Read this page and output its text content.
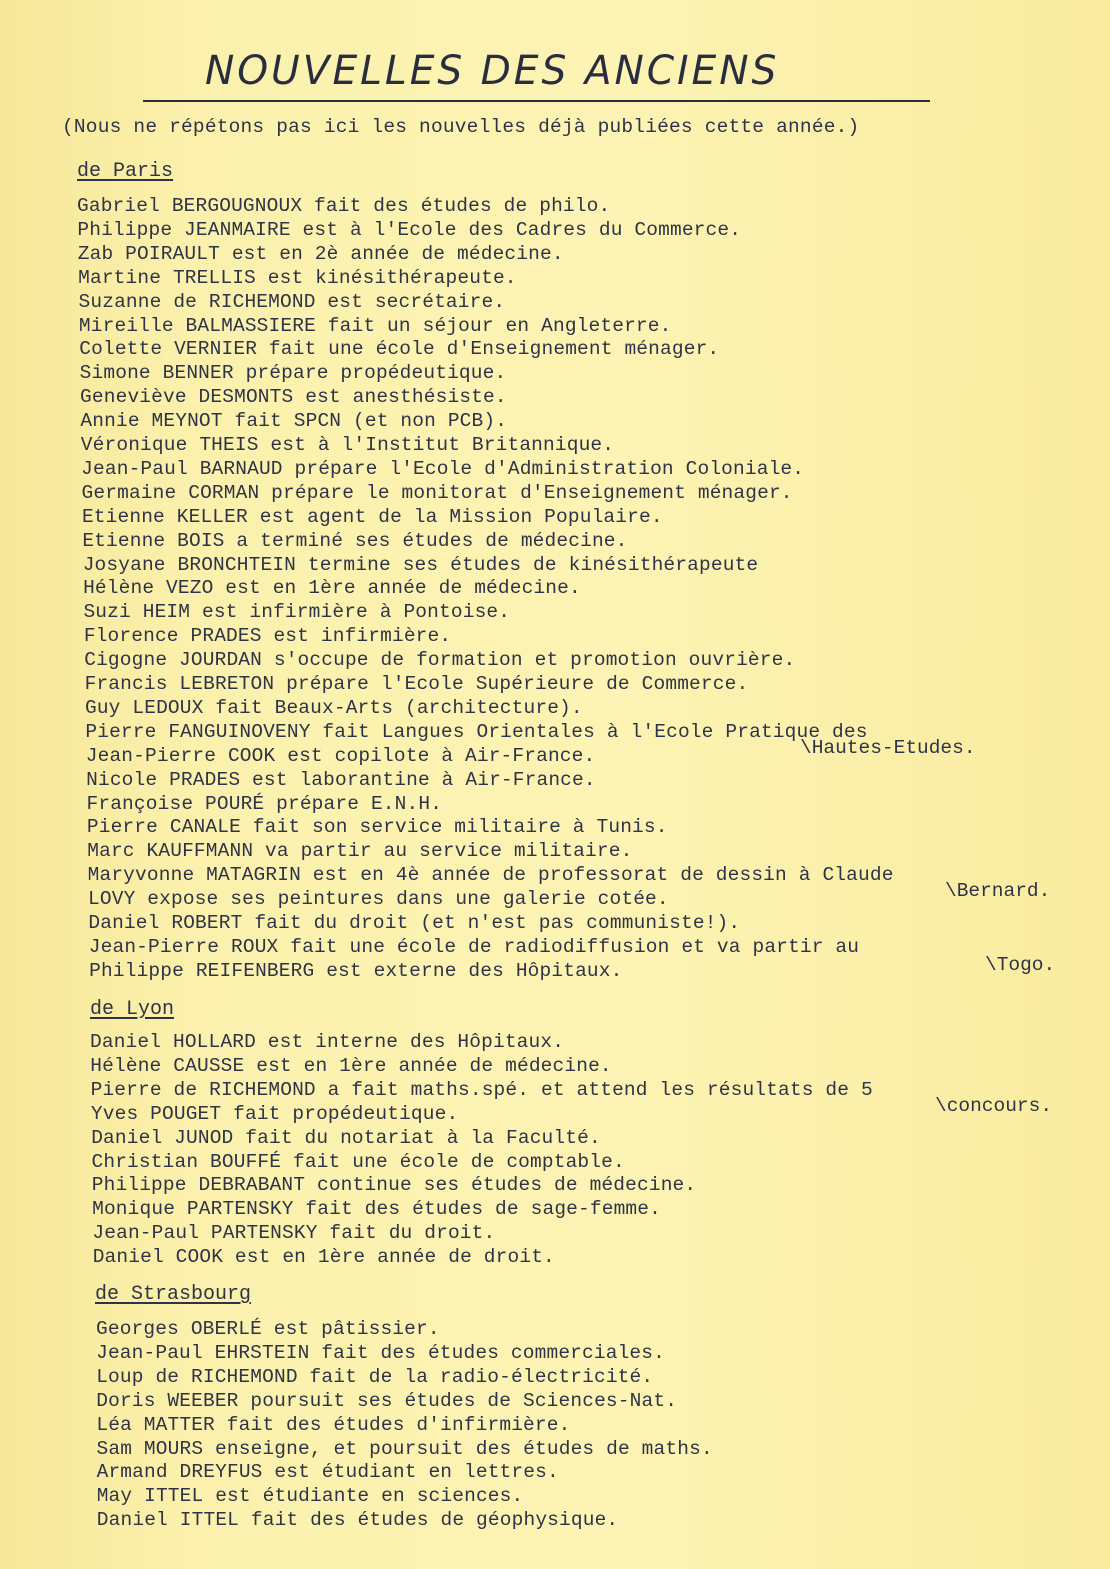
NOUVELLES DES ANCIENS
(Nous ne répétons pas ici les nouvelles déjà publiées cette année.)
de Paris
Gabriel BERGOUGNOUX fait des études de philo.
Philippe JEANMAIRE est à l'Ecole des Cadres du Commerce.
Zab POIRAULT est en 2è année de médecine.
Martine TRELLIS est kinésithérapeute.
Suzanne de RICHEMOND est secrétaire.
Mireille BALMASSIERE fait un séjour en Angleterre.
Colette VERNIER fait une école d'Enseignement ménager.
Simone BENNER prépare propédeutique.
Geneviève DESMONTS est anesthésiste.
Annie MEYNOT fait SPCN (et non PCB).
Véronique THEIS est à l'Institut Britannique.
Jean-Paul BARNAUD prépare l'Ecole d'Administration Coloniale.
Germaine CORMAN prépare le monitorat d'Enseignement ménager.
Etienne KELLER est agent de la Mission Populaire.
Etienne BOIS a terminé ses études de médecine.
Josyane BRONCHTEIN termine ses études de kinésithérapeute
Hélène VEZO est en 1ère année de médecine.
Suzi HEIM est infirmière à Pontoise.
Florence PRADES est infirmière.
Cigogne JOURDAN s'occupe de formation et promotion ouvrière.
Francis LEBRETON prépare l'Ecole Supérieure de Commerce.
Guy LEDOUX fait Beaux-Arts (architecture).
Pierre FANGUINOVENY fait Langues Orientales à l'Ecole Pratique des
Jean-Pierre COOK est copilote à Air-France.
Nicole PRADES est laborantine à Air-France.
Françoise POURÉ prépare E.N.H.
Pierre CANALE fait son service militaire à Tunis.
Marc KAUFFMANN va partir au service militaire.
Maryvonne MATAGRIN est en 4è année de professorat de dessin à Claude
LOVY expose ses peintures dans une galerie cotée.
Daniel ROBERT fait du droit (et n'est pas communiste!).
Jean-Pierre ROUX fait une école de radiodiffusion et va partir au
Philippe REIFENBERG est externe des Hôpitaux.
\Hautes-Etudes.
\Bernard.
\Togo.
de Lyon
Daniel HOLLARD est interne des Hôpitaux.
Hélène CAUSSE est en 1ère année de médecine.
Pierre de RICHEMOND a fait maths.spé. et attend les résultats de 5
Yves POUGET fait propédeutique.
Daniel JUNOD fait du notariat à la Faculté.
Christian BOUFFÉ fait une école de comptable.
Philippe DEBRABANT continue ses études de médecine.
Monique PARTENSKY fait des études de sage-femme.
Jean-Paul PARTENSKY fait du droit.
Daniel COOK est en 1ère année de droit.
\concours.
de Strasbourg
Georges OBERLÉ est pâtissier.
Jean-Paul EHRSTEIN fait des études commerciales.
Loup de RICHEMOND fait de la radio-électricité.
Doris WEEBER poursuit ses études de Sciences-Nat.
Léa MATTER fait des études d'infirmière.
Sam MOURS enseigne, et poursuit des études de maths.
Armand DREYFUS est étudiant en lettres.
May ITTEL est étudiante en sciences.
Daniel ITTEL fait des études de géophysique.
